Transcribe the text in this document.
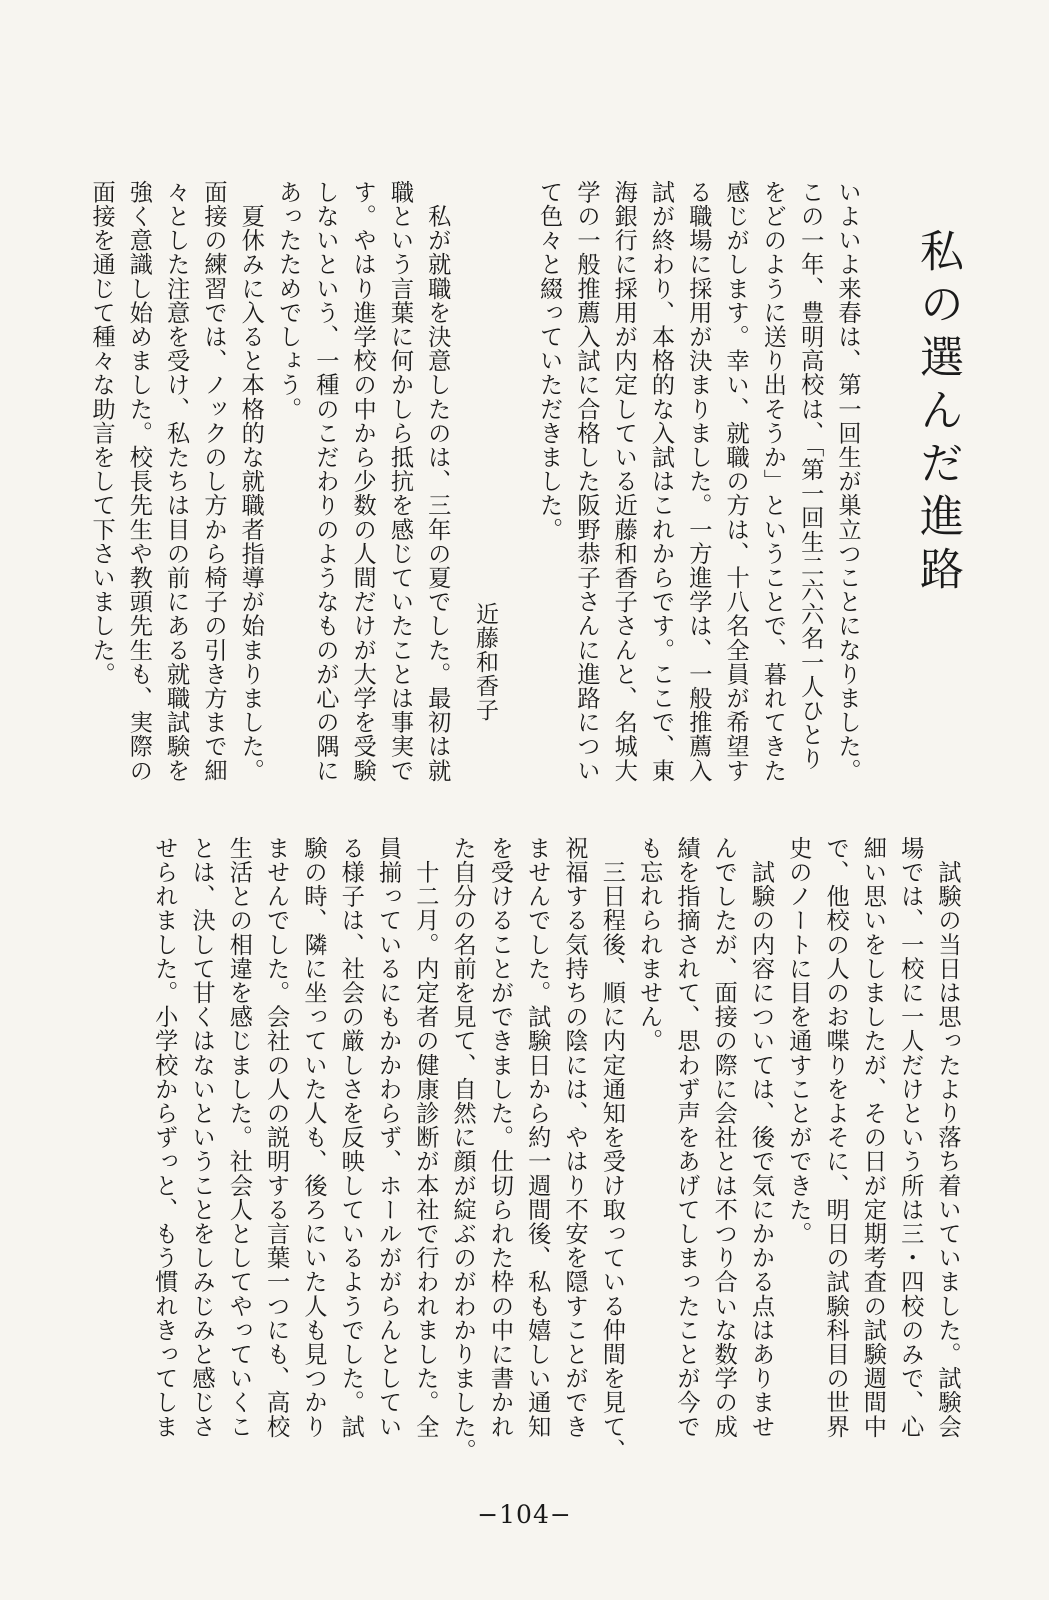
私の選んだ進路

いよいよ来春は、第一回生が巣立つことになりました。

この一年、豊明高校は、「第一回生二六六名一人ひとり

をどのように送り出そうか」ということで、暮れてきた

感じがします。幸い、就職の方は、十八名全員が希望す

る職場に採用が決まりました。一方進学は、一般推薦入

試が終わり、本格的な入試はこれからです。ここで、東

海銀行に採用が内定している近藤和香子さんと、名城大

学の一般推薦入試に合格した阪野恭子さんに進路につい

て色々と綴っていただきました。

　私が就職を決意したのは、三年の夏でした。最初は就

職という言葉に何かしら抵抗を感じていたことは事実で

す。やはり進学校の中から少数の人間だけが大学を受験

しないという、一種のこだわりのようなものが心の隅に

あったためでしょう。

　夏休みに入ると本格的な就職者指導が始まりました。

面接の練習では、ノックのし方から椅子の引き方まで細

々とした注意を受け、私たちは目の前にある就職試験を

強く意識し始めました。校長先生や教頭先生も、実際の

面接を通じて種々な助言をして下さいました。	近藤和香子

　試験の当日は思ったより落ち着いていました。試験会

場では、一校に一人だけという所は三・四校のみで、心

細い思いをしましたが、その日が定期考査の試験週間中

で、他校の人のお喋りをよそに、明日の試験科目の世界

史のノートに目を通すことができた。

　試験の内容については、後で気にかかる点はありませ

んでしたが、面接の際に会社とは不つり合いな数学の成

績を指摘されて、思わず声をあげてしまったことが今で

も忘れられません。

　三日程後、順に内定通知を受け取っている仲間を見て、

祝福する気持ちの陰には、やはり不安を隠すことができ

ませんでした。試験日から約一週間後、私も嬉しい通知

を受けることができました。仕切られた枠の中に書かれ

た自分の名前を見て、自然に顔が綻ぶのがわかりました。

　十二月。内定者の健康診断が本社で行われました。全

員揃っているにもかかわらず、ホールががらんとしてい

る様子は、社会の厳しさを反映しているようでした。試

験の時、隣に坐っていた人も、後ろにいた人も見つかり

ませんでした。会社の人の説明する言葉一つにも、高校

生活との相違を感じました。社会人としてやっていくこ

とは、決して甘くはないということをしみじみと感じさ

せられました。小学校からずっと、もう慣れきってしま

−104−
